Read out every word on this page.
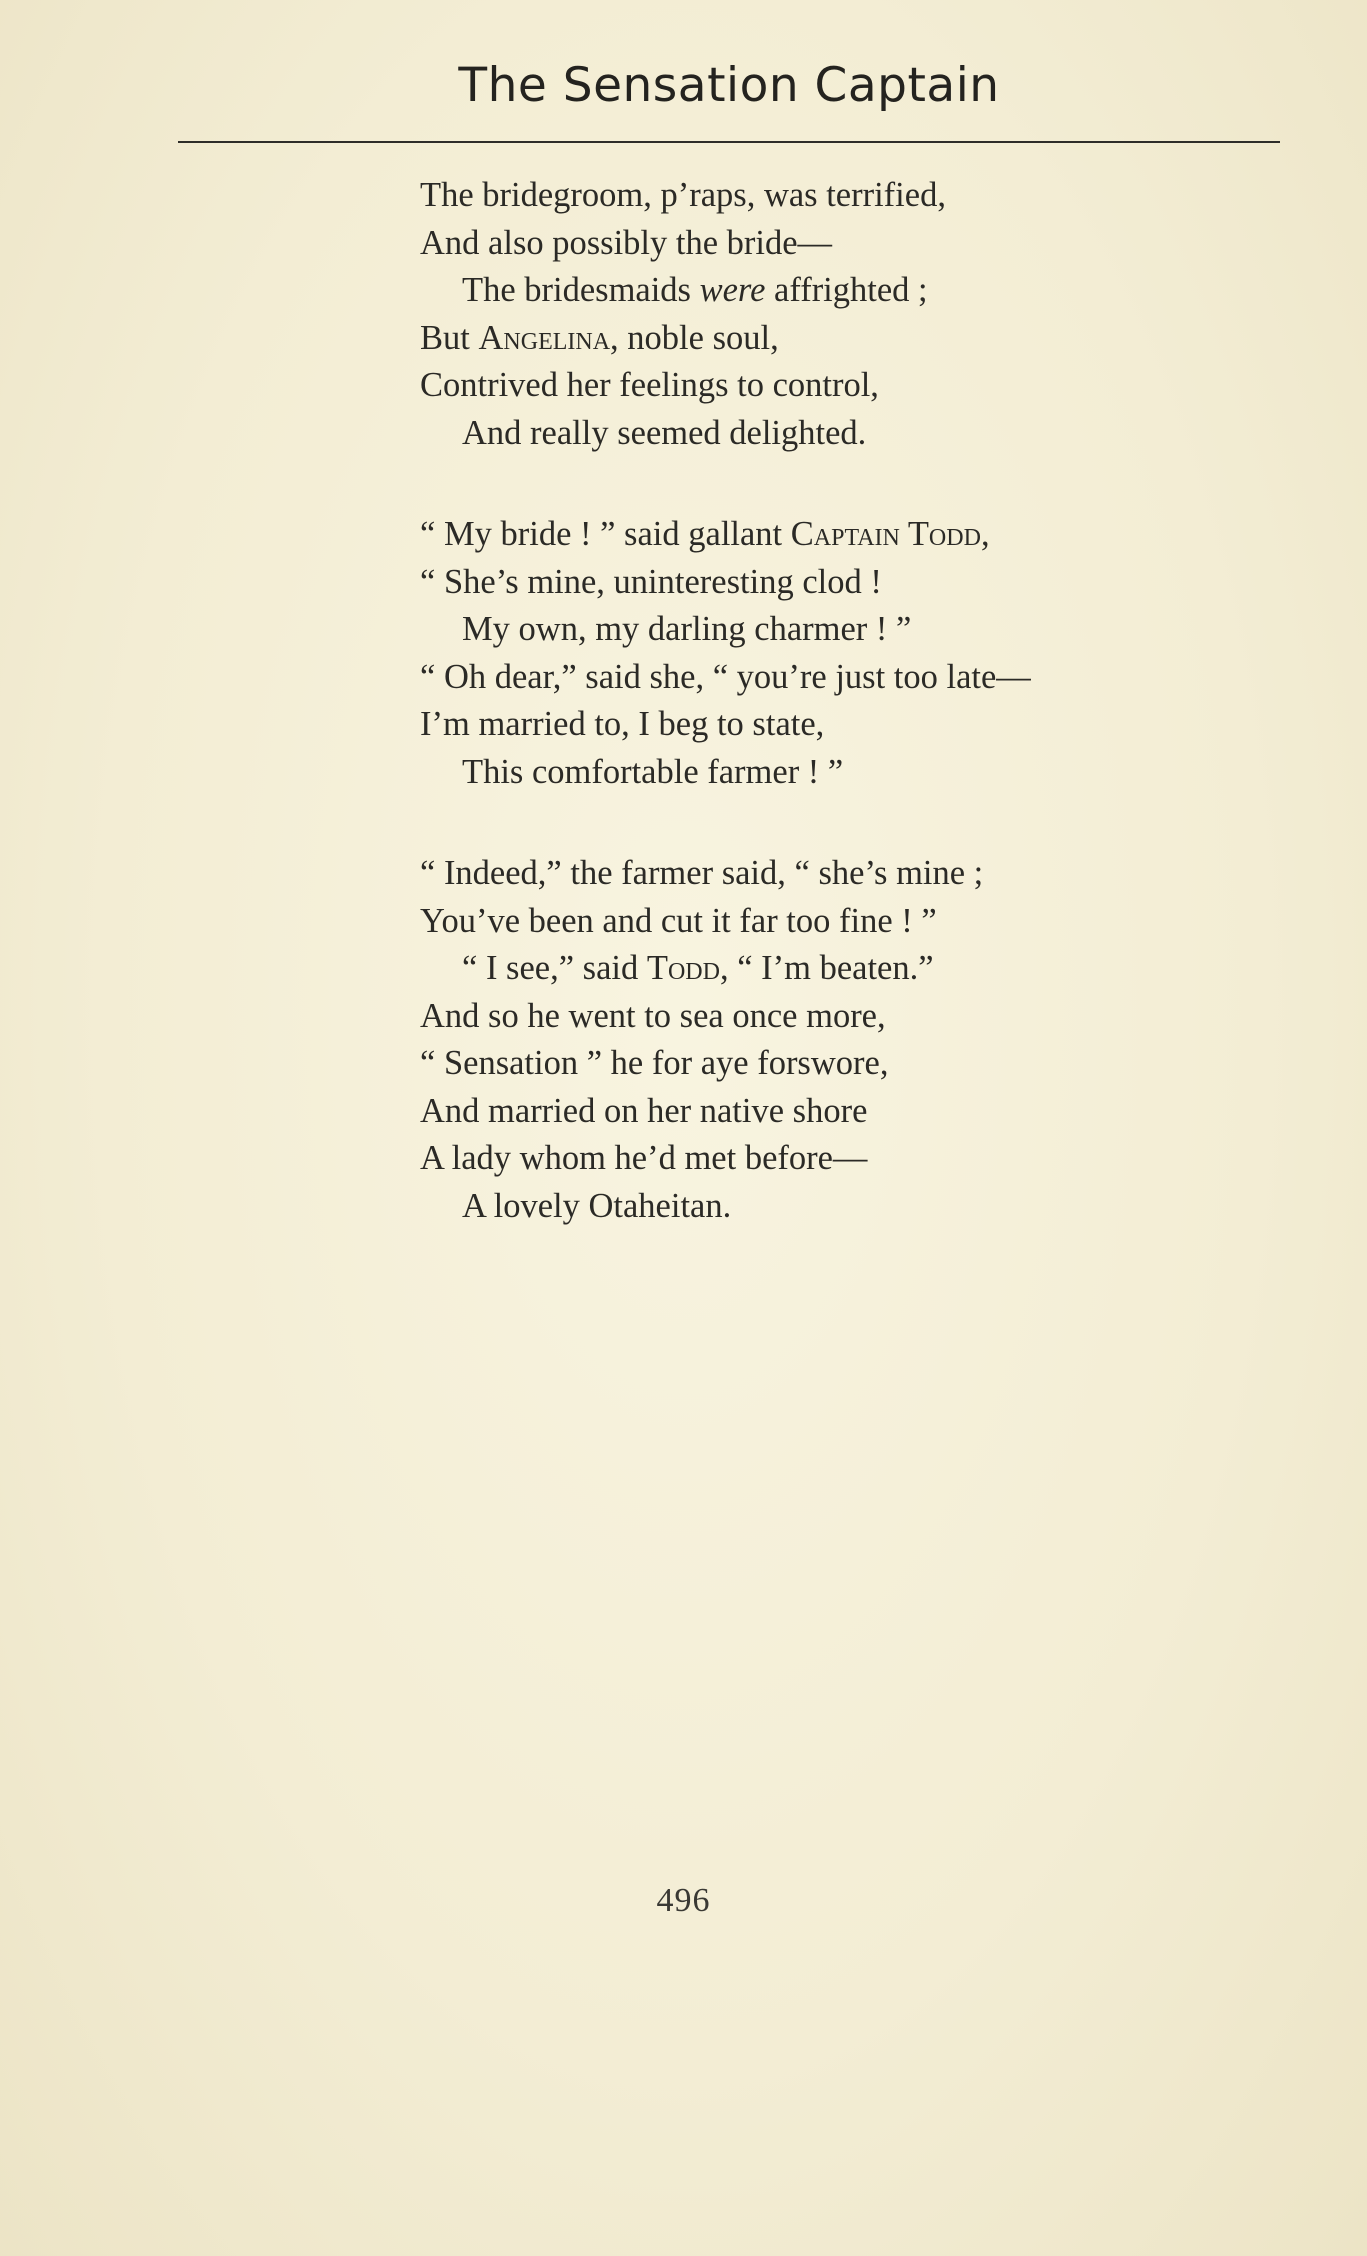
The Sensation Captain
The bridegroom, p’raps, was terrified,
And also possibly the bride—
The bridesmaids were affrighted ;
But Angelina, noble soul,
Contrived her feelings to control,
And really seemed delighted.
“ My bride ! ” said gallant Captain Todd,
“ She’s mine, uninteresting clod !
My own, my darling charmer ! ”
“ Oh dear,” said she, “ you’re just too late—
I’m married to, I beg to state,
This comfortable farmer ! ”
“ Indeed,” the farmer said, “ she’s mine ;
You’ve been and cut it far too fine ! ”
“ I see,” said Todd, “ I’m beaten.”
And so he went to sea once more,
“ Sensation ” he for aye forswore,
And married on her native shore
A lady whom he’d met before—
A lovely Otaheitan.
496
